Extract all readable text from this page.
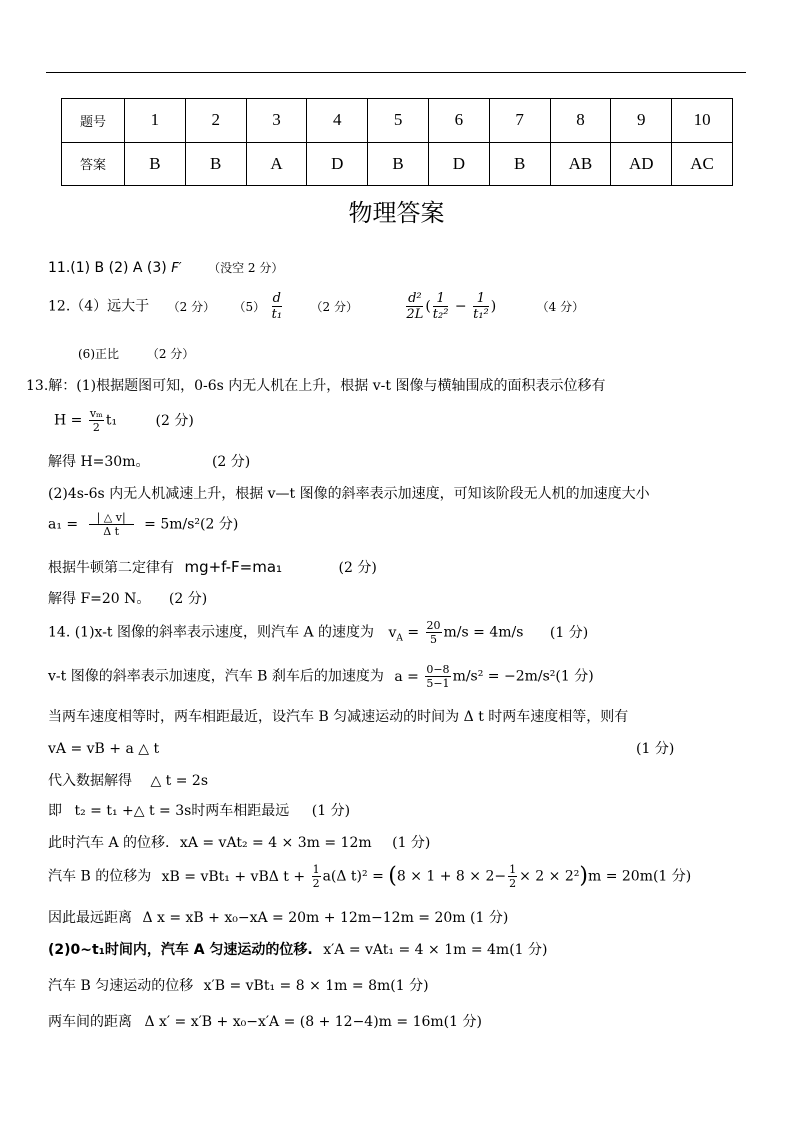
题号	1	2	3	4	5	6	7	8	9	10
答案	B	B	A	D	B	D	B	AB	AD	AC
物理答案
11.(1) B (2) A (3) F′ （没空 2 分）
12.（4）远大于 （2 分） $(5) \frac{d}{\text{t₁}} (2$ 分）	$\frac{\text{d²}}{2L}$ ( $\frac{1}{\text{t₂²}} - \frac{1}{\text{t₁²}}$ )	（4 分）
(6)正比 （2 分）
13.解：(1)根据题图可知，0-6s 内无人机在上升，根据 v-t 图像与横轴围成的面积表示位移有
$H = \frac{\text{vₘ}}{2} t_1$	(2 分)
解得 H=30m。	(2 分)
(2)4s-6s 内无人机减速上升，根据 v—t 图像的斜率表示加速度，可知该阶段无人机的加速度大小
$a_1 = \frac{| \triangle v|}{\text{Δ t}} = 5m/s^2(2$ 分)
根据牛顿第二定律有 mg+f-F=ma₁	(2 分)
解得 F=20 N。 (2 分)
14. (1)x-t 图像的斜率表示速度，则汽车 A 的速度为 $v_A = \frac{20}{5} m/s = 4m/s$ (1 分)
v-t 图像的斜率表示加速度，汽车 B 刹车后的加速度为 $a = \frac{0-8}{5-1} m/s^2 = -2m/s^2(1$ 分)
当两车速度相等时，两车相距最近，设汽车 B 匀减速运动的时间为 Δ t 时两车速度相等，则有
vA = vB + a △ t	(1 分)
代入数据解得 △ t = 2s
即 t₂ = t₁ +△ t = 3s时两车相距最远 (1 分)
此时汽车 A 的位移. xA = vAt₂ = 4 × 3m = 12m (1 分)
汽车 B 的位移为 xB = vBt₁ + vBΔ $t + \frac{1}{2} a(\Delta$ $t)^2 = (8 \times 1 + 8 \times 2- \frac{1}{2} \times 2 \times 2^2)m = 20m(1$ 分)
因此最远距离 Δ x = xB + x₀−xA = 20m + 12m−12m = 20m (1 分)
(2)0~t₁时间内，汽车 A 匀速运动的位移. x′A = vAt₁ = 4 × 1m = 4m(1 分)
汽车 B 匀速运动的位移 x′B = vBt₁ = 8 × 1m = 8m(1 分)
两车间的距离 Δ x′ = x′B + x₀−x′A = (8 + 12−4)m = 16m(1 分)
